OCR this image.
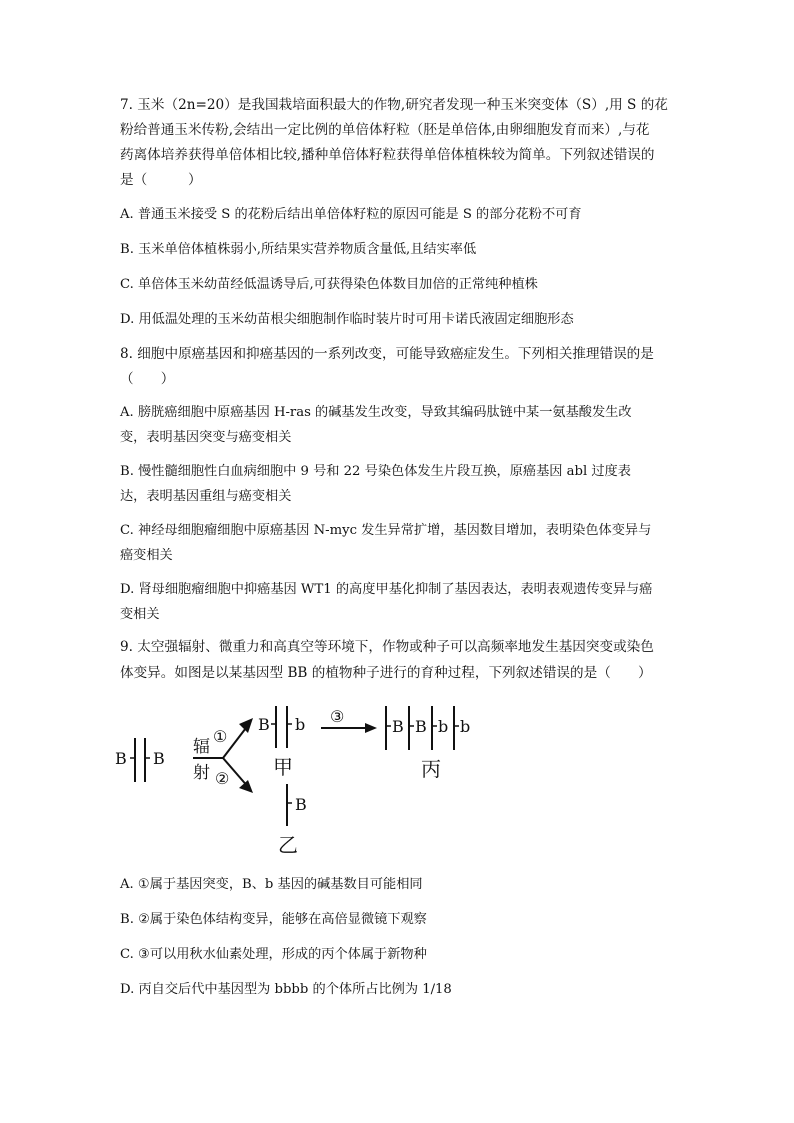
7. 玉米（2n=20）是我国栽培面积最大的作物,研究者发现一种玉米突变体（S）,用 S 的花
粉给普通玉米传粉,会结出一定比例的单倍体籽粒（胚是单倍体,由卵细胞发育而来）,与花
药离体培养获得单倍体相比较,播种单倍体籽粒获得单倍体植株较为简单。下列叙述错误的
是（　　　）
A. 普通玉米接受 S 的花粉后结出单倍体籽粒的原因可能是 S 的部分花粉不可育
B. 玉米单倍体植株弱小,所结果实营养物质含量低,且结实率低
C. 单倍体玉米幼苗经低温诱导后,可获得染色体数目加倍的正常纯种植株
D. 用低温处理的玉米幼苗根尖细胞制作临时装片时可用卡诺氏液固定细胞形态
8. 细胞中原癌基因和抑癌基因的一系列改变，可能导致癌症发生。下列相关推理错误的是
（　　）
A. 膀胱癌细胞中原癌基因 H-ras 的碱基发生改变，导致其编码肽链中某一氨基酸发生改
变，表明基因突变与癌变相关
B. 慢性髓细胞性白血病细胞中 9 号和 22 号染色体发生片段互换，原癌基因 abl 过度表
达，表明基因重组与癌变相关
C. 神经母细胞瘤细胞中原癌基因 N-myc 发生异常扩增，基因数目增加，表明染色体变异与
癌变相关
D. 肾母细胞瘤细胞中抑癌基因 WT1 的高度甲基化抑制了基因表达，表明表观遗传变异与癌
变相关
9. 太空强辐射、微重力和高真空等环境下，作物或种子可以高频率地发生基因突变或染色
体变异。如图是以某基因型 BB 的植物种子进行的育种过程，下列叙述错误的是（　　）
B B
辐
射
①
②
B b
甲
③
B B b b
丙
B
乙
A. ①属于基因突变，B、b 基因的碱基数目可能相同
B. ②属于染色体结构变异，能够在高倍显微镜下观察
C. ③可以用秋水仙素处理，形成的丙个体属于新物种
D. 丙自交后代中基因型为 bbbb 的个体所占比例为 1/18
